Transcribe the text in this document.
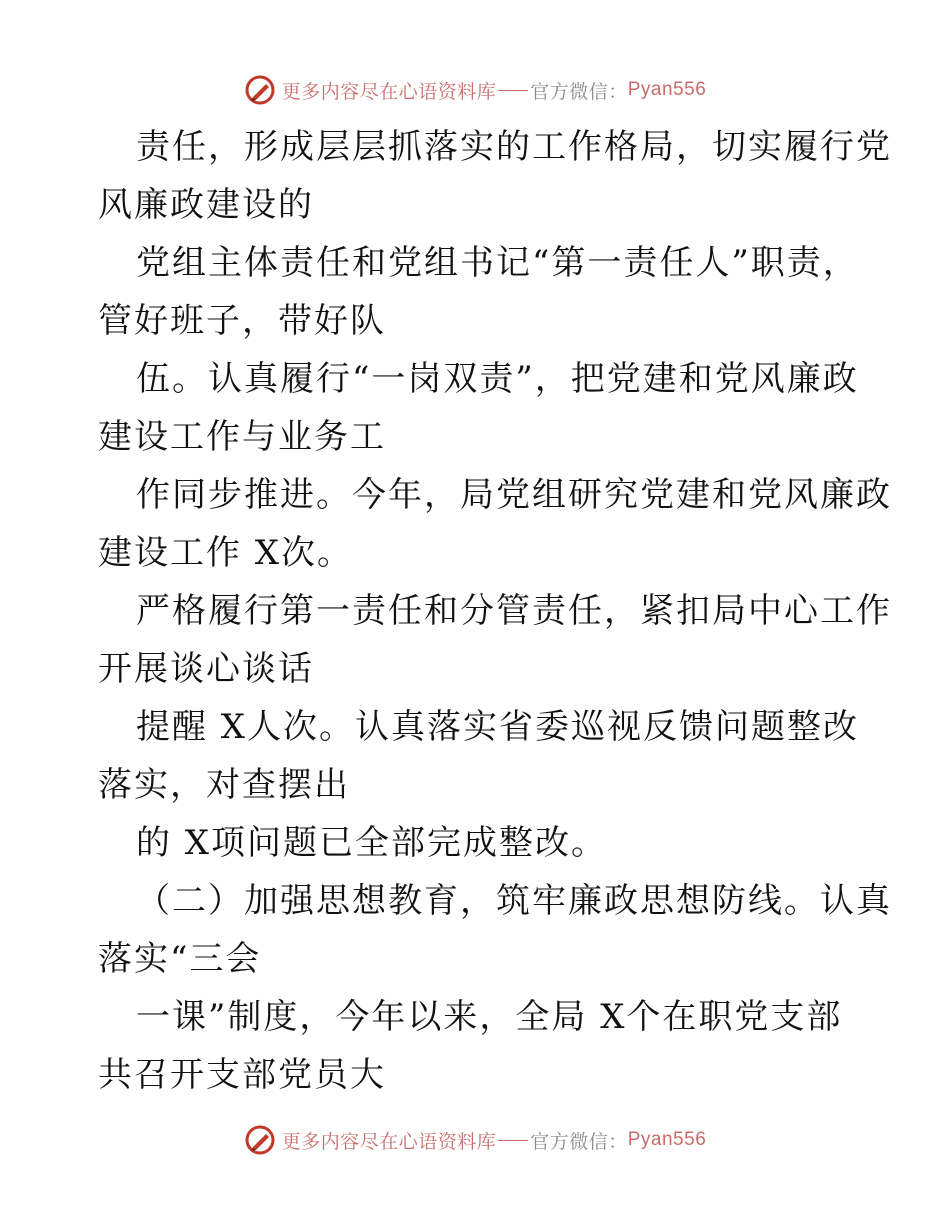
更多内容尽在心语资料库 官方微信： Pyan556

责任，形成层层抓落实的工作格局，切实履行党
风廉政建设的

党组主体责任和党组书记“第一责任人”职责，
管好班子，带好队

伍。认真履行“一岗双责”，把党建和党风廉政
建设工作与业务工

作同步推进。今年，局党组研究党建和党风廉政
建设工作 X次。

严格履行第一责任和分管责任，紧扣局中心工作
开展谈心谈话

提醒 X人次。认真落实省委巡视反馈问题整改
落实，对查摆出

的 X项问题已全部完成整改。

（二）加强思想教育，筑牢廉政思想防线。认真
落实“三会

一课”制度，今年以来，全局 X个在职党支部
共召开支部党员大

更多内容尽在心语资料库 官方微信： Pyan556
